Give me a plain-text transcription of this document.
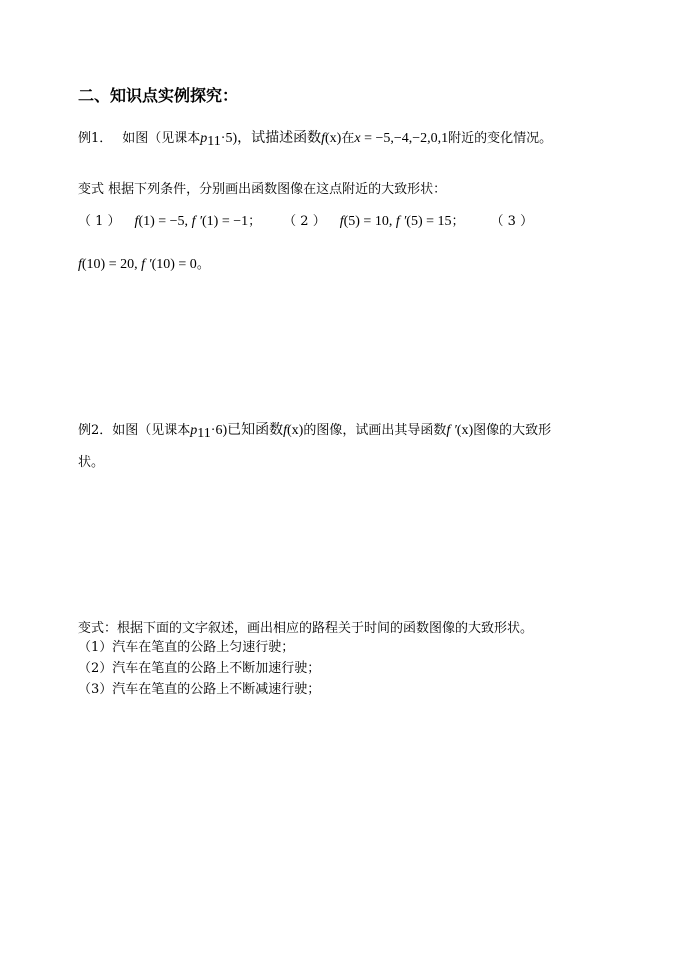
二、知识点实例探究：
例1． 如图（见课本$p_{11}\cdot 5$)，试描述函数f(x)在x = −5,−4,−2,0,1附近的变化情况。
变式 根据下列条件，分别画出函数图像在这点附近的大致形状：
（ 1 ） f(1) = −5, f ′(1) = −1； （ 2 ） f(5) = 10, f ′(5) = 15； （ 3 ）
f(10) = 20, f ′(10) = 0。
例2．如图（见课本$p_{11}\cdot 6$)已知函数f(x)的图像，试画出其导函数f ′(x)图像的大致形
状。
变式：根据下面的文字叙述，画出相应的路程关于时间的函数图像的大致形状。
（1）汽车在笔直的公路上匀速行驶；
（2）汽车在笔直的公路上不断加速行驶；
（3）汽车在笔直的公路上不断减速行驶；
